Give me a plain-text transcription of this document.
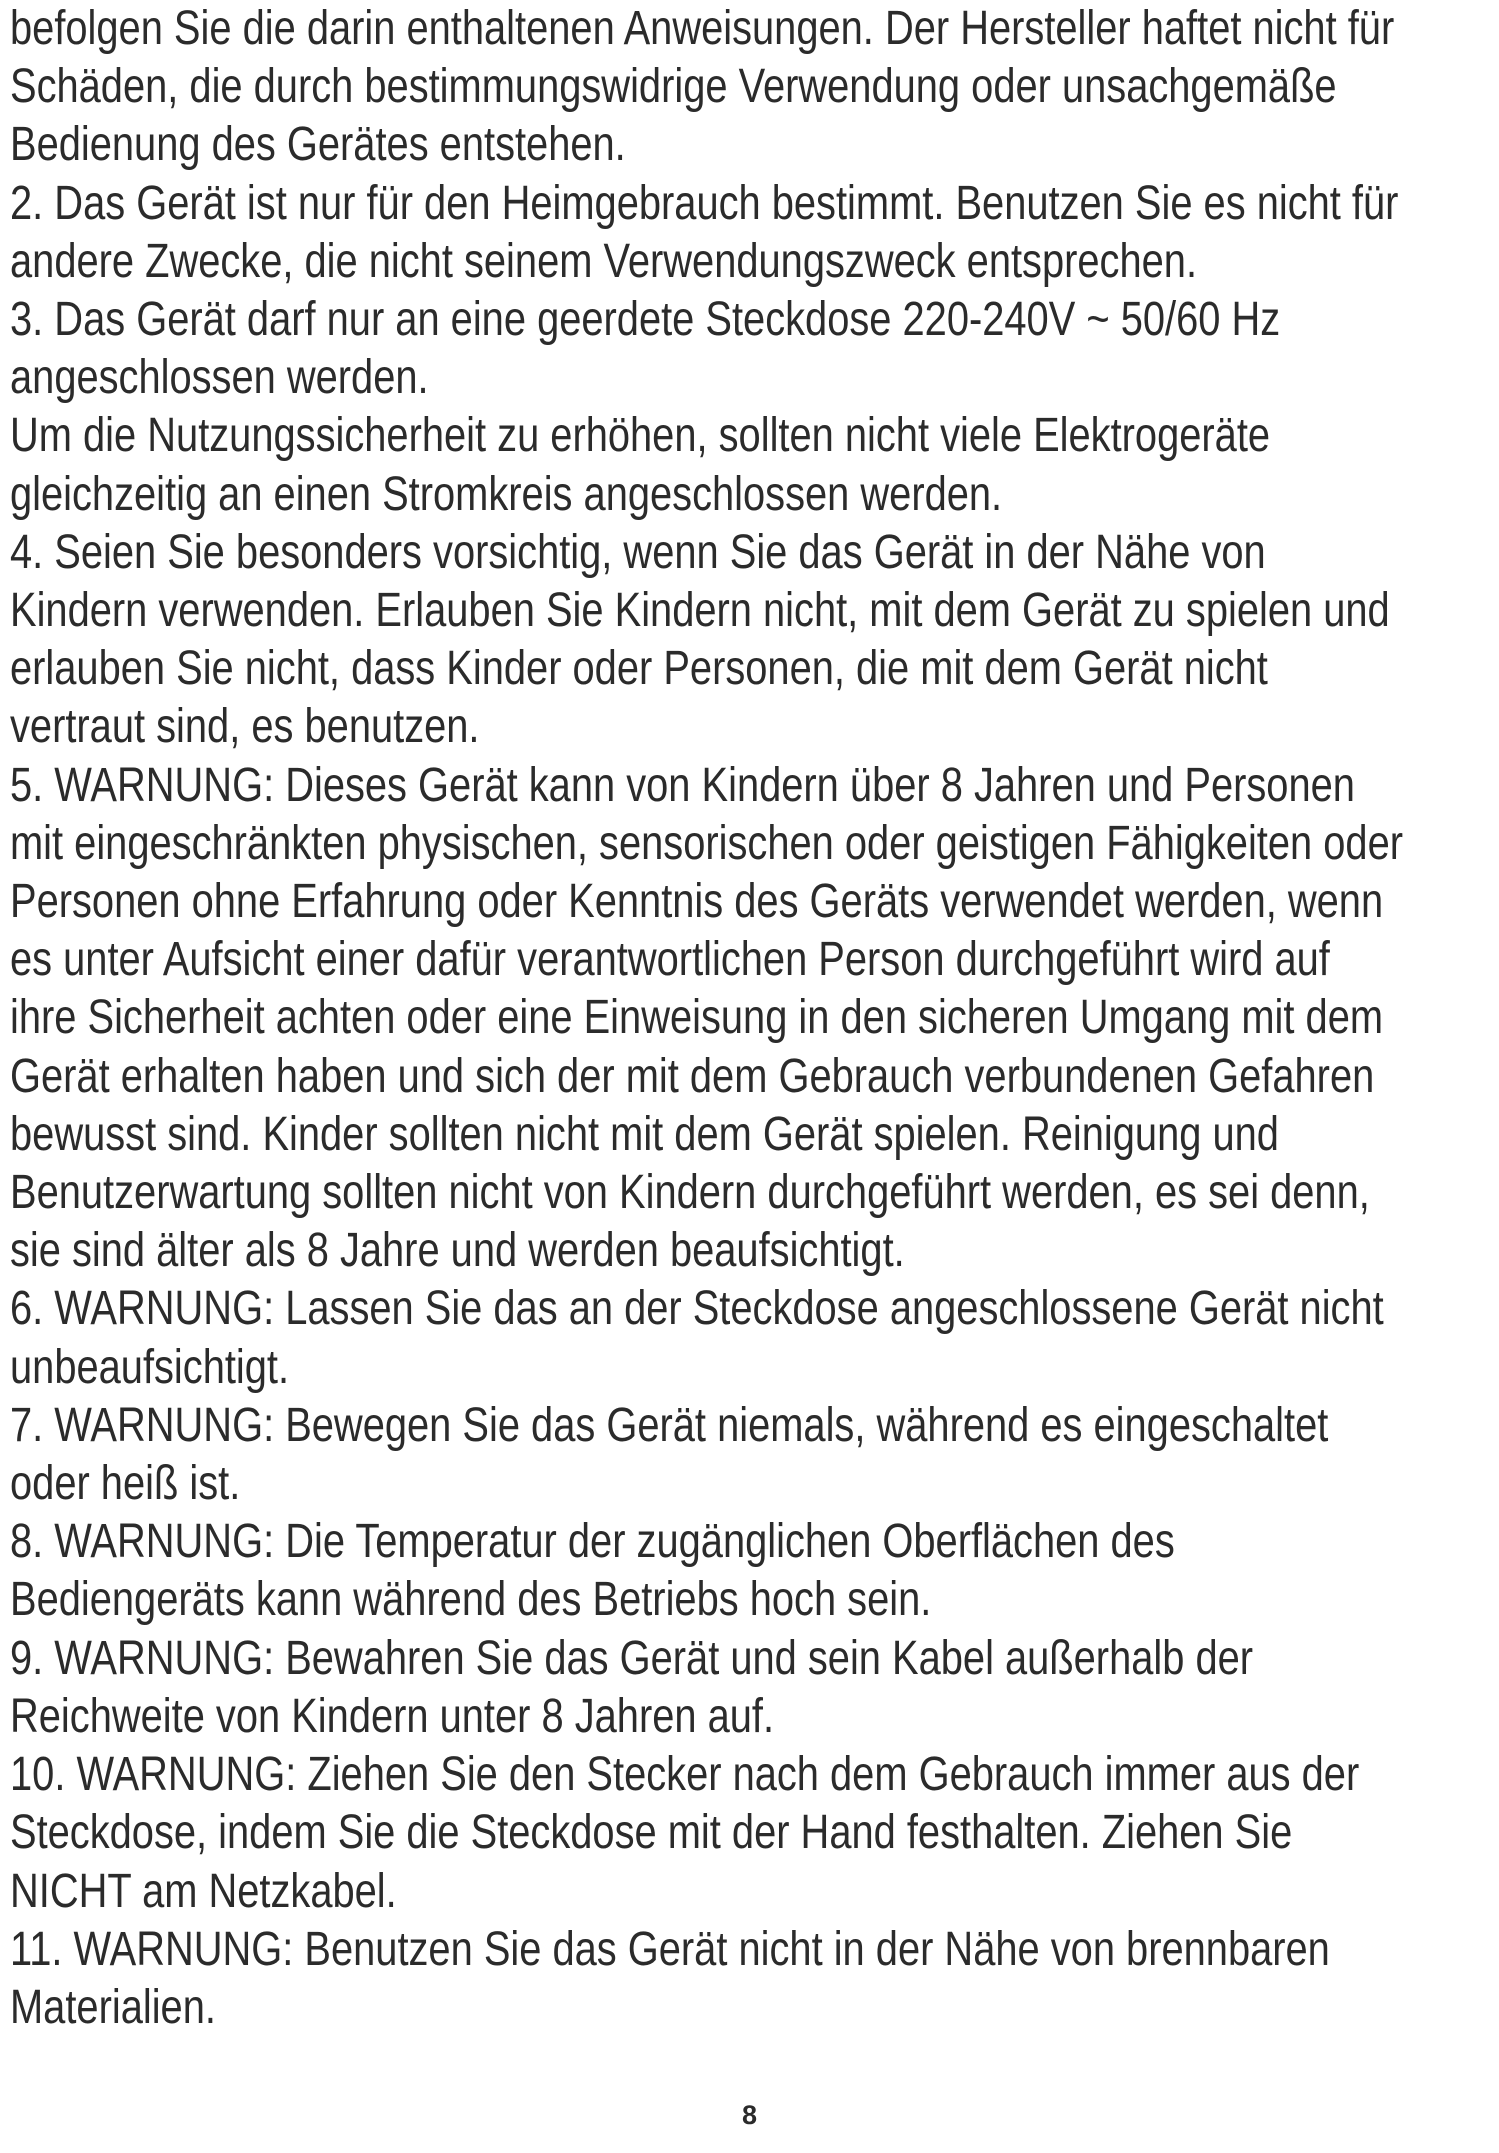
befolgen Sie die darin enthaltenen Anweisungen. Der Hersteller haftet nicht für
Schäden, die durch bestimmungswidrige Verwendung oder unsachgemäße
Bedienung des Gerätes entstehen.
2. Das Gerät ist nur für den Heimgebrauch bestimmt. Benutzen Sie es nicht für
andere Zwecke, die nicht seinem Verwendungszweck entsprechen.
3. Das Gerät darf nur an eine geerdete Steckdose 220-240V ~ 50/60 Hz
angeschlossen werden.
Um die Nutzungssicherheit zu erhöhen, sollten nicht viele Elektrogeräte
gleichzeitig an einen Stromkreis angeschlossen werden.
4. Seien Sie besonders vorsichtig, wenn Sie das Gerät in der Nähe von
Kindern verwenden. Erlauben Sie Kindern nicht, mit dem Gerät zu spielen und
erlauben Sie nicht, dass Kinder oder Personen, die mit dem Gerät nicht
vertraut sind, es benutzen.
5. WARNUNG: Dieses Gerät kann von Kindern über 8 Jahren und Personen
mit eingeschränkten physischen, sensorischen oder geistigen Fähigkeiten oder
Personen ohne Erfahrung oder Kenntnis des Geräts verwendet werden, wenn
es unter Aufsicht einer dafür verantwortlichen Person durchgeführt wird auf
ihre Sicherheit achten oder eine Einweisung in den sicheren Umgang mit dem
Gerät erhalten haben und sich der mit dem Gebrauch verbundenen Gefahren
bewusst sind. Kinder sollten nicht mit dem Gerät spielen. Reinigung und
Benutzerwartung sollten nicht von Kindern durchgeführt werden, es sei denn,
sie sind älter als 8 Jahre und werden beaufsichtigt.
6. WARNUNG: Lassen Sie das an der Steckdose angeschlossene Gerät nicht
unbeaufsichtigt.
7. WARNUNG: Bewegen Sie das Gerät niemals, während es eingeschaltet
oder heiß ist.
8. WARNUNG: Die Temperatur der zugänglichen Oberflächen des
Bediengeräts kann während des Betriebs hoch sein.
9. WARNUNG: Bewahren Sie das Gerät und sein Kabel außerhalb der
Reichweite von Kindern unter 8 Jahren auf.
10. WARNUNG: Ziehen Sie den Stecker nach dem Gebrauch immer aus der
Steckdose, indem Sie die Steckdose mit der Hand festhalten. Ziehen Sie
NICHT am Netzkabel.
11. WARNUNG: Benutzen Sie das Gerät nicht in der Nähe von brennbaren
Materialien.
8
